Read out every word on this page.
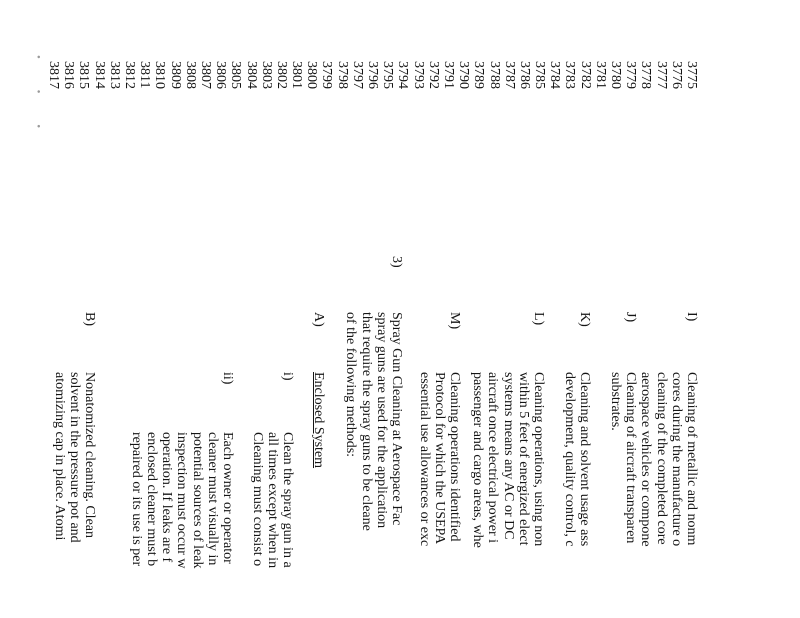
• • •	3775
3776
3777
3778
3779
3780
3781
3782
3783
3784
3785
3786
3787
3788
3789
3790
3791
3792
3793
3794
3795
3796
3797
3798
3799
3800
3801
3802
3803
3804
3805
3806
3807
3808
3809
3810
3811
3812
3813
3814
3815
3816
3817
I)
Cleaning of metallic and nonm
cores during the manufacture o
cleaning of the completed core
aerospace vehicles or compone
J)
Cleaning of aircraft transparen
substrates.
K)
Cleaning and solvent usage ass
development, quality control, c
L)
Cleaning operations, using non
within 5 feet of energized elect
systems means any AC or DC
aircraft once electrical power i
passenger and cargo areas, whe
M)
Cleaning operations identified
Protocol for which the USEPA
essential use allowances or exc
3)
Spray Gun Cleaning at Aerospace Fac
spray guns are used for the application
that require the spray guns to be cleane
of the following methods:
A)
Enclosed System
i)
Clean the spray gun in a
all times except when in
Cleaning must consist o
ii)
Each owner or operator
cleaner must visually in
potential sources of leak
inspection must occur w
operation. If leaks are f
enclosed cleaner must b
repaired or its use is per
B)
Nonatomized cleaning. Clean
solvent in the pressure pot and
atomizing cap in place. Atomi
